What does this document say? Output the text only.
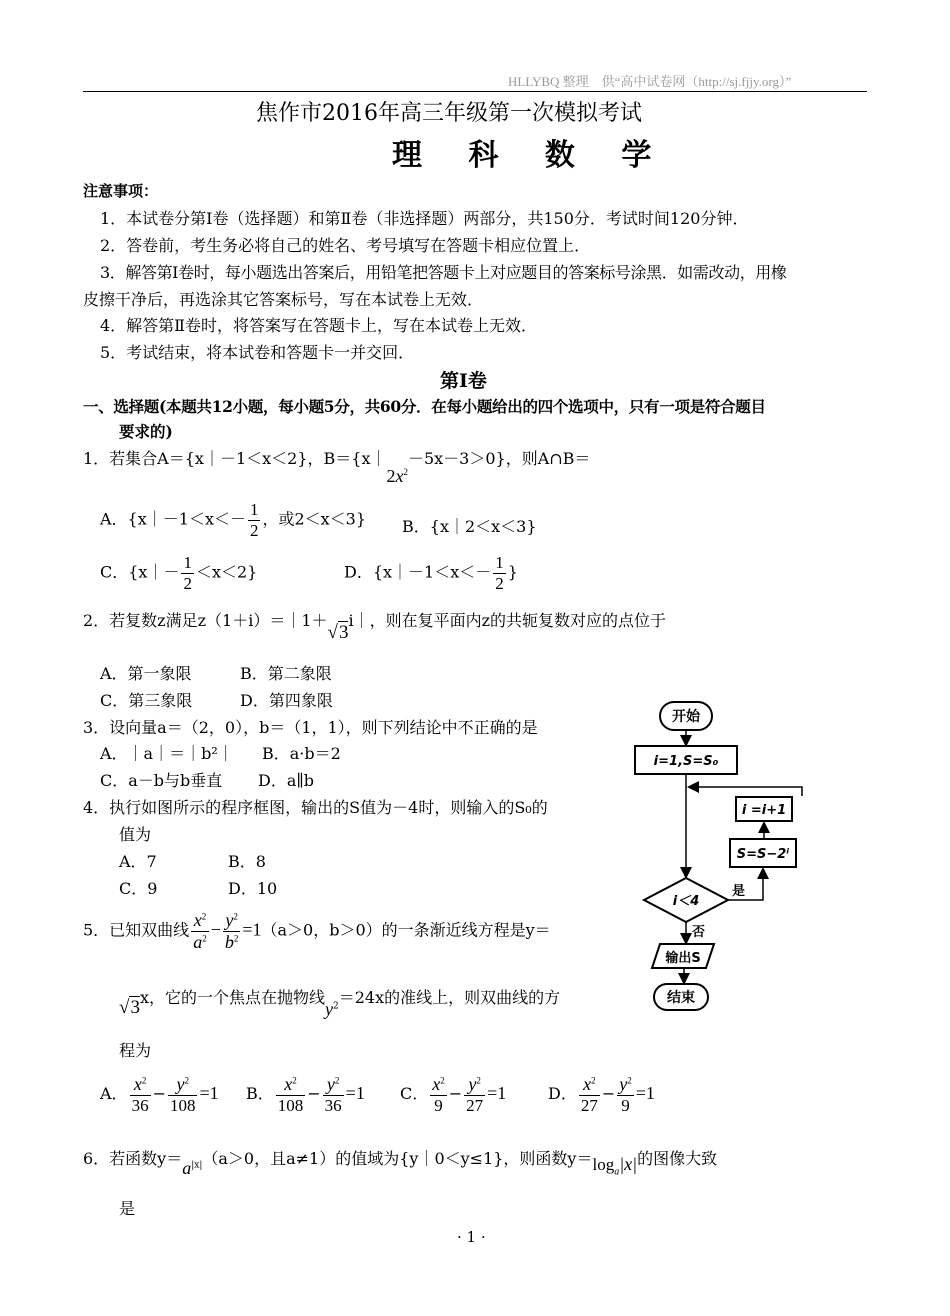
HLLYBQ 整理　供“高中试卷网（http://sj.fjjy.org）”
焦作市2016年高三年级第一次模拟考试
理 科 数 学
注意事项：
1．本试卷分第Ⅰ卷（选择题）和第Ⅱ卷（非选择题）两部分，共150分．考试时间120分钟．
2．答卷前，考生务必将自己的姓名、考号填写在答题卡相应位置上．
3．解答第Ⅰ卷时，每小题选出答案后，用铅笔把答题卡上对应题目的答案标号涂黑．如需改动，用橡
皮擦干净后，再选涂其它答案标号，写在本试卷上无效．
4．解答第Ⅱ卷时，将答案写在答题卡上，写在本试卷上无效．
5．考试结束，将本试卷和答题卡一并交回．
第Ⅰ卷
一、选择题(本题共12小题，每小题5分，共60分．在每小题给出的四个选项中，只有一项是符合题目
要求的)
1．若集合A＝{x｜－1＜x＜2}，$B=\{x|2x^2-5x-3>0\}$，则A∩B＝
A．{x｜－1＜x＜－ $\frac{1}{2}$ ，或2＜x＜3} B．{x｜2＜x＜3}
C．{x｜－ $\frac{1}{2} <x<2$}	D．{x｜－1＜x＜－ $\frac{1}{2}$ }
2．若复数z满足z（1＋i）＝｜1＋√3i｜，则在复平面内z的共轭复数对应的点位于
A．第一象限	B．第二象限
C．第三象限	D．第四象限
3．设向量a＝（2，0），b＝（1，1），则下列结论中不正确的是
A．｜a｜＝｜b²｜ B．a·b＝2
C．a－b与b垂直 D．a∥b
4．执行如图所示的程序框图，输出的S值为－4时，则输入的S₀的
值为
A．7	B．8
C．9	D．10
开始
i=1,S=S₀
i =i+1
S=S−2ⁱ
i＜4
是
否
输出S
结束
5．已知双曲线 $\frac{x^2}{a^2} - \frac{y^2}{b^2} =1(a>0$，b＞0）的一条渐近线方程是y＝
√3x，它的一个焦点在抛物线$y^2=24x$的准线上，则双曲线的方
程为
A． $\frac{x^2}{36} - \frac{y^2}{108} =1$ B． $\frac{x^2}{108} - \frac{y^2}{36} =1$ C． $\frac{x^2}{9} - \frac{y^2}{27} =1$	D． $\frac{x^2}{27} - \frac{y^2}{9} =1$
6．若函数$y=a^{|x|}(a>0$，且a≠1）的值域为{y｜0＜y≤1}，则函数$y=\log_a|x|$的图像大致
是
· 1 ·
